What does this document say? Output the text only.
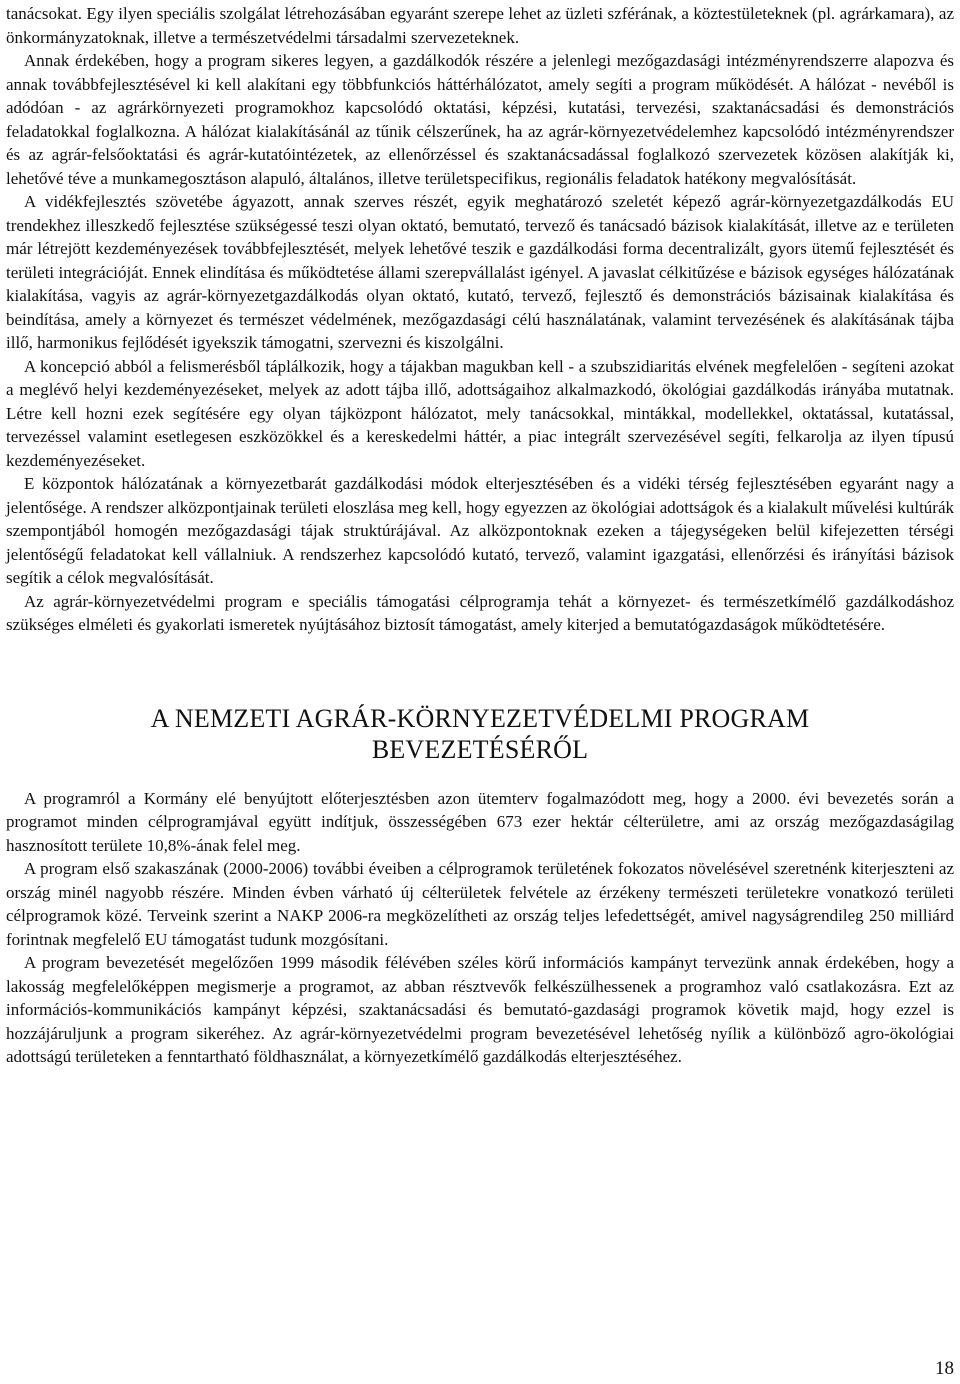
tanácsokat. Egy ilyen speciális szolgálat létrehozásában egyaránt szerepe lehet az üzleti szférának, a köztestületeknek (pl. agrárkamara), az önkormányzatoknak, illetve a természetvédelmi társadalmi szervezeteknek.

Annak érdekében, hogy a program sikeres legyen, a gazdálkodók részére a jelenlegi mezőgazdasági intézményrendszerre alapozva és annak továbbfejlesztésével ki kell alakítani egy többfunkciós háttérhálózatot, amely segíti a program működését. A hálózat - nevéből is adódóan - az agrárkörnyezeti programokhoz kapcsolódó oktatási, képzési, kutatási, tervezési, szaktanácsadási és demonstrációs feladatokkal foglalkozna. A hálózat kialakításánál az tűnik célszerűnek, ha az agrár-környezetvédelemhez kapcsolódó intézményrendszer és az agrár-felsőoktatási és agrár-kutatóintézetek, az ellenőrzéssel és szaktanácsadással foglalkozó szervezetek közösen alakítják ki, lehetővé téve a munkamegosztáson alapuló, általános, illetve területspecifikus, regionális feladatok hatékony megvalósítását.

A vidékfejlesztés szövetébe ágyazott, annak szerves részét, egyik meghatározó szeletét képező agrár-környezetgazdálkodás EU trendekhez illeszkedő fejlesztése szükségessé teszi olyan oktató, bemutató, tervező és tanácsadó bázisok kialakítását, illetve az e területen már létrejött kezdeményezések továbbfejlesztését, melyek lehetővé teszik e gazdálkodási forma decentralizált, gyors ütemű fejlesztését és területi integrációját. Ennek elindítása és működtetése állami szerepvállalást igényel. A javaslat célkitűzése e bázisok egységes hálózatának kialakítása, vagyis az agrár-környezetgazdálkodás olyan oktató, kutató, tervező, fejlesztő és demonstrációs bázisainak kialakítása és beindítása, amely a környezet és természet védelmének, mezőgazdasági célú használatának, valamint tervezésének és alakításának tájba illő, harmonikus fejlődését igyekszik támogatni, szervezni és kiszolgálni.

A koncepció abból a felismerésből táplálkozik, hogy a tájakban magukban kell - a szubszidiaritás elvének megfelelően - segíteni azokat a meglévő helyi kezdeményezéseket, melyek az adott tájba illő, adottságaihoz alkalmazkodó, ökológiai gazdálkodás irányába mutatnak. Létre kell hozni ezek segítésére egy olyan tájközpont hálózatot, mely tanácsokkal, mintákkal, modellekkel, oktatással, kutatással, tervezéssel valamint esetlegesen eszközökkel és a kereskedelmi háttér, a piac integrált szervezésével segíti, felkarolja az ilyen típusú kezdeményezéseket.

E központok hálózatának a környezetbarát gazdálkodási módok elterjesztésében és a vidéki térség fejlesztésében egyaránt nagy a jelentősége. A rendszer alközpontjainak területi eloszlása meg kell, hogy egyezzen az ökológiai adottságok és a kialakult művelési kultúrák szempontjából homogén mezőgazdasági tájak struktúrájával. Az alközpontoknak ezeken a tájegységeken belül kifejezetten térségi jelentőségű feladatokat kell vállalniuk. A rendszerhez kapcsolódó kutató, tervező, valamint igazgatási, ellenőrzési és irányítási bázisok segítik a célok megvalósítását.

Az agrár-környezetvédelmi program e speciális támogatási célprogramja tehát a környezet- és természetkímélő gazdálkodáshoz szükséges elméleti és gyakorlati ismeretek nyújtásához biztosít támogatást, amely kiterjed a bemutatógazdaságok működtetésére.

A NEMZETI AGRÁR-KÖRNYEZETVÉDELMI PROGRAM
BEVEZETÉSÉRŐL

A programról a Kormány elé benyújtott előterjesztésben azon ütemterv fogalmazódott meg, hogy a 2000. évi bevezetés során a programot minden célprogramjával együtt indítjuk, összességében 673 ezer hektár célterületre, ami az ország mezőgazdaságilag hasznosított területe 10,8%-ának felel meg.

A program első szakaszának (2000-2006) további éveiben a célprogramok területének fokozatos növelésével szeretnénk kiterjeszteni az ország minél nagyobb részére. Minden évben várható új célterületek felvétele az érzékeny természeti területekre vonatkozó területi célprogramok közé. Terveink szerint a NAKP 2006-ra megközelítheti az ország teljes lefedettségét, amivel nagyságrendileg 250 milliárd forintnak megfelelő EU támogatást tudunk mozgósítani.

A program bevezetését megelőzően 1999 második félévében széles körű információs kampányt tervezünk annak érdekében, hogy a lakosság megfelelőképpen megismerje a programot, az abban résztvevők felkészülhessenek a programhoz való csatlakozásra. Ezt az információs-kommunikációs kampányt képzési, szaktanácsadási és bemutató-gazdasági programok követik majd, hogy ezzel is hozzájáruljunk a program sikeréhez. Az agrár-környezetvédelmi program bevezetésével lehetőség nyílik a különböző agro-ökológiai adottságú területeken a fenntartható földhasználat, a környezetkímélő gazdálkodás elterjesztéséhez.

18
